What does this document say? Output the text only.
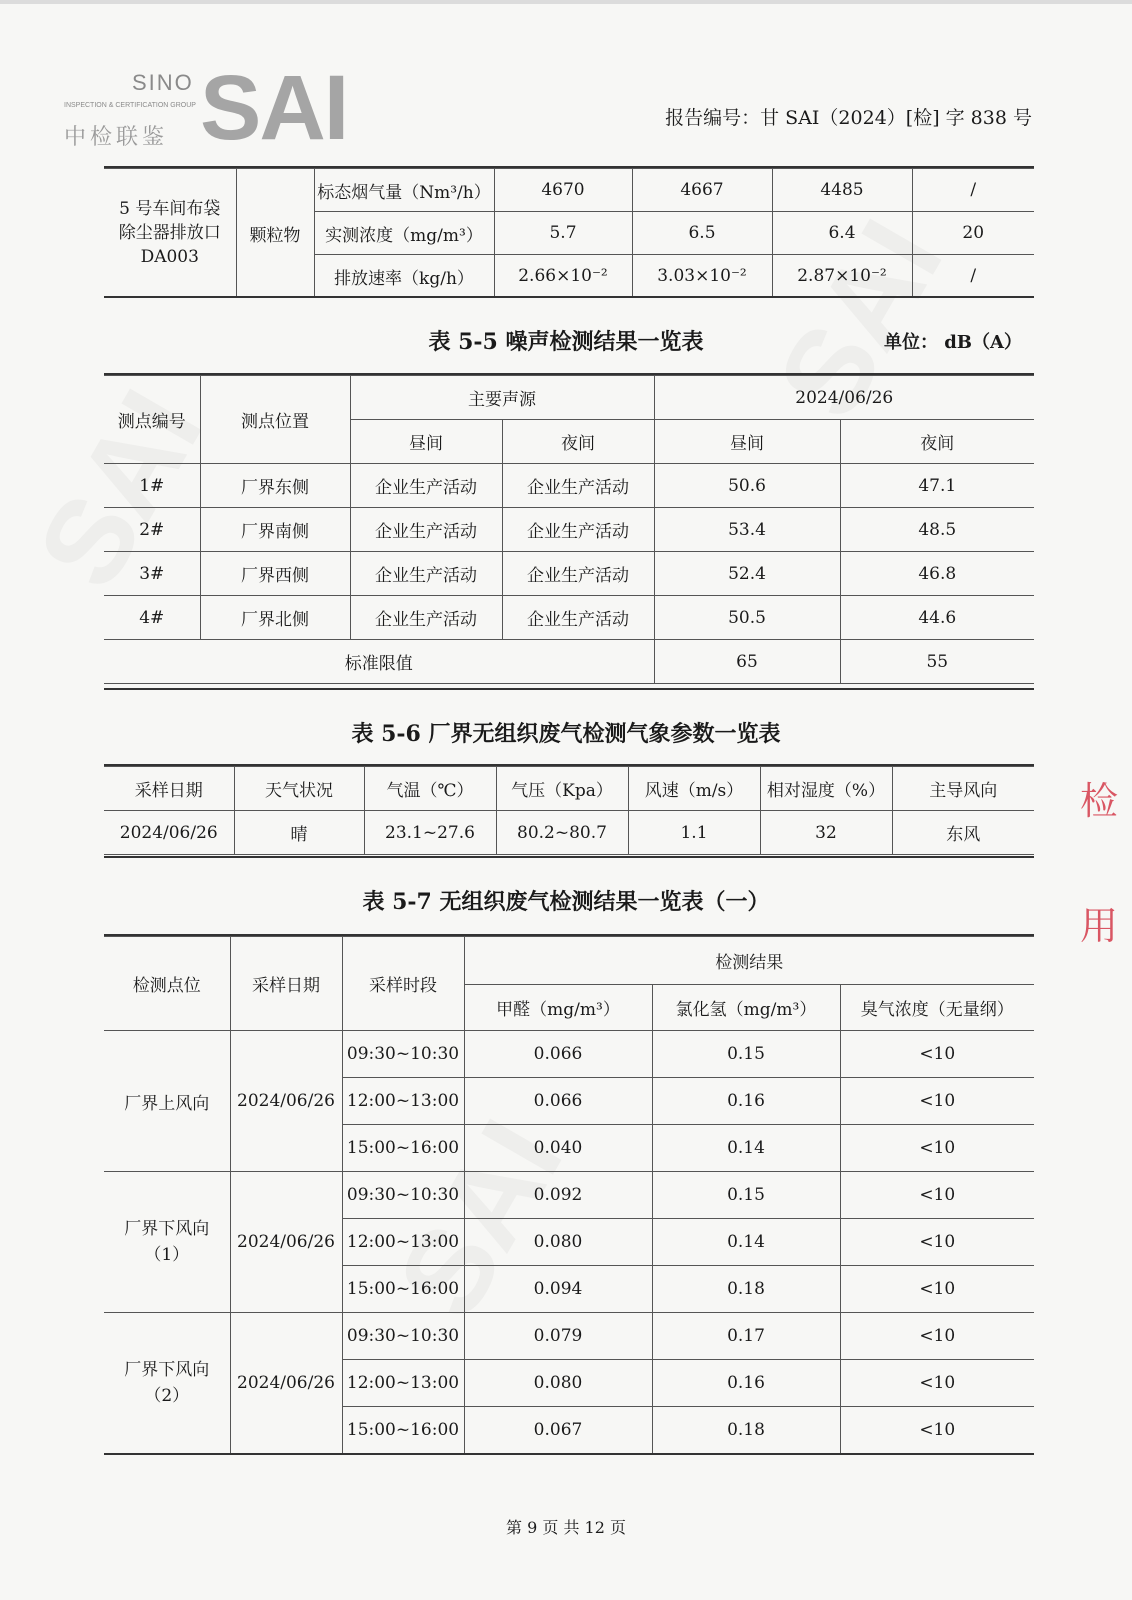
SINO
INSPECTION & CERTIFICATION GROUP
中检联鉴 SAI	报告编号：甘 SAI（2024）[检] 字 838 号
5 号车间布袋
除尘器排放口
DA003	颗粒物	标态烟气量（Nm³/h）	4670	4667	4485	/
		实测浓度（mg/m³）	5.7	6.5	6.4	20
		排放速率（kg/h）	2.66×10⁻²	3.03×10⁻²	2.87×10⁻²	/
表 5-5 噪声检测结果一览表	单位： dB（A）
测点编号	测点位置	主要声源		2024/06/26	
		昼间	夜间	昼间	夜间
1#	厂界东侧	企业生产活动	企业生产活动	50.6	47.1
2#	厂界南侧	企业生产活动	企业生产活动	53.4	48.5
3#	厂界西侧	企业生产活动	企业生产活动	52.4	46.8
4#	厂界北侧	企业生产活动	企业生产活动	50.5	44.6
标准限值				65	55
表 5-6 厂界无组织废气检测气象参数一览表
采样日期	天气状况	气温（℃）	气压（Kpa）	风速（m/s）	相对湿度（%）	主导风向
2024/06/26	晴	23.1~27.6	80.2~80.7	1.1	32	东风
表 5-7 无组织废气检测结果一览表（一）
检测点位	采样日期	采样时段	检测结果		
			甲醛（mg/m³）	氯化氢（mg/m³）	臭气浓度（无量纲）
厂界上风向	2024/06/26	09:30~10:30	0.066	0.15	<10
		12:00~13:00	0.066	0.16	<10
		15:00~16:00	0.040	0.14	<10
厂界下风向
（1）	2024/06/26	09:30~10:30	0.092	0.15	<10
		12:00~13:00	0.080	0.14	<10
		15:00~16:00	0.094	0.18	<10
厂界下风向
（2）	2024/06/26	09:30~10:30	0.079	0.17	<10
		12:00~13:00	0.080	0.16	<10
		15:00~16:00	0.067	0.18	<10
检
用
第 9 页 共 12 页
